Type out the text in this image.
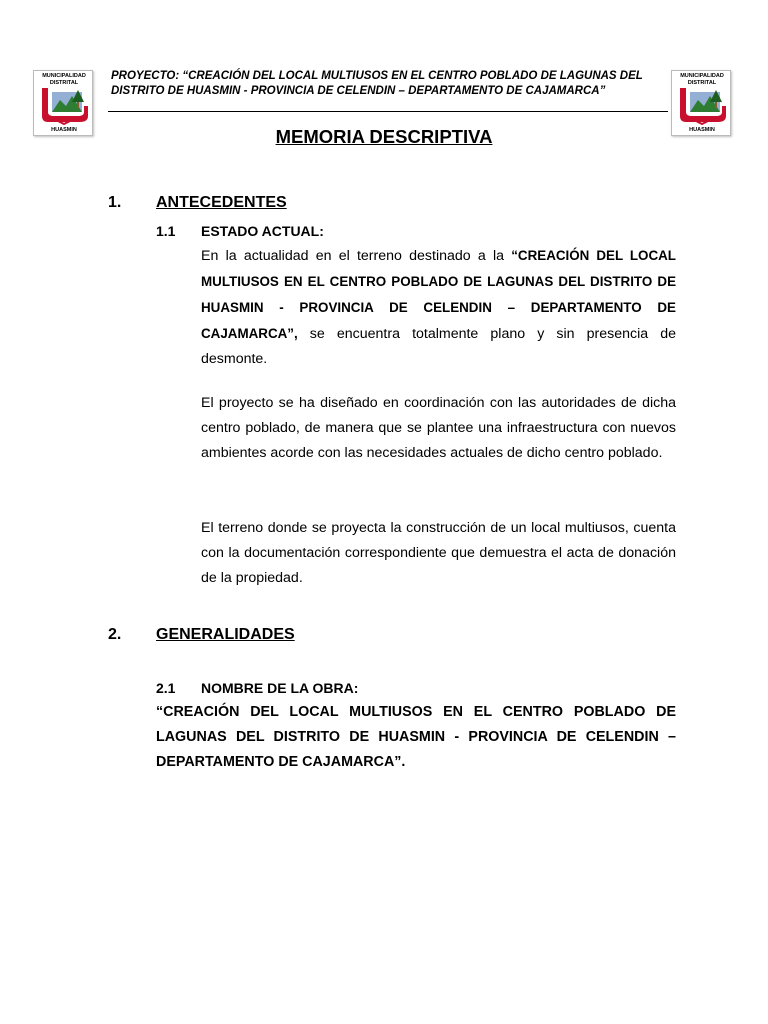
MUNICIPALIDAD
DISTRITAL
HUASMIN
PROYECTO: “CREACIÓN DEL LOCAL MULTIUSOS EN EL CENTRO POBLADO DE LAGUNAS DEL DISTRITO DE HUASMIN - PROVINCIA DE CELENDIN – DEPARTAMENTO DE CAJAMARCA”
MUNICIPALIDAD
DISTRITAL
HUASMIN
MEMORIA DESCRIPTIVA
1. ANTECEDENTES
1.1 ESTADO ACTUAL:
En la actualidad en el terreno destinado a la “CREACIÓN DEL LOCAL MULTIUSOS EN EL CENTRO POBLADO DE LAGUNAS DEL DISTRITO DE HUASMIN - PROVINCIA DE CELENDIN – DEPARTAMENTO DE CAJAMARCA”, se encuentra totalmente plano y sin presencia de desmonte.
El proyecto se ha diseñado en coordinación con las autoridades de dicha centro poblado, de manera que se plantee una infraestructura con nuevos ambientes acorde con las necesidades actuales de dicho centro poblado.
El terreno donde se proyecta la construcción de un local multiusos, cuenta con la documentación correspondiente que demuestra el acta de donación de la propiedad.
2. GENERALIDADES
2.1 NOMBRE DE LA OBRA:
“CREACIÓN DEL LOCAL MULTIUSOS EN EL CENTRO POBLADO DE LAGUNAS DEL DISTRITO DE HUASMIN - PROVINCIA DE CELENDIN – DEPARTAMENTO DE CAJAMARCA”.
